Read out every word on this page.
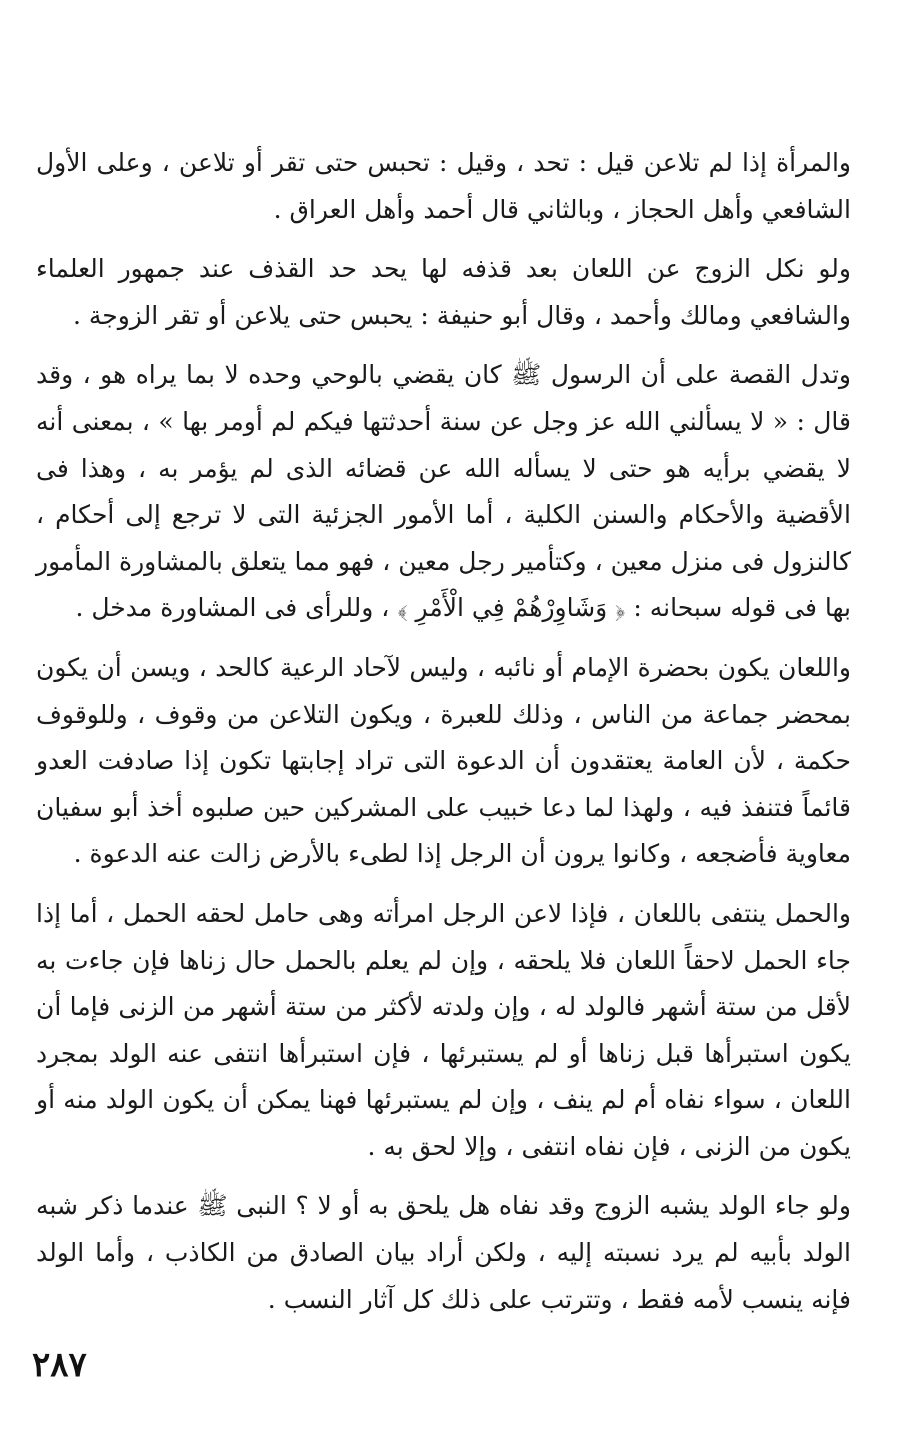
والمرأة إذا لم تلاعن قيل : تحد ، وقيل : تحبس حتى تقر أو تلاعن ، وعلى الأول الشافعي وأهل الحجاز ، وبالثاني قال أحمد وأهل العراق .

ولو نكل الزوج عن اللعان بعد قذفه لها يحد حد القذف عند جمهور العلماء والشافعي ومالك وأحمد ، وقال أبو حنيفة : يحبس حتى يلاعن أو تقر الزوجة .

وتدل القصة على أن الرسول ﷺ كان يقضي بالوحي وحده لا بما يراه هو ، وقد قال : « لا يسألني الله عز وجل عن سنة أحدثتها فيكم لم أومر بها » ، بمعنى أنه لا يقضي برأيه هو حتى لا يسأله الله عن قضائه الذى لم يؤمر به ، وهذا فى الأقضية والأحكام والسنن الكلية ، أما الأمور الجزئية التى لا ترجع إلى أحكام ، كالنزول فى منزل معين ، وكتأمير رجل معين ، فهو مما يتعلق بالمشاورة المأمور بها فى قوله سبحانه : ﴿ وَشَاوِرْهُمْ فِي الْأَمْرِ ﴾ ، وللرأى فى المشاورة مدخل .

واللعان يكون بحضرة الإمام أو نائبه ، وليس لآحاد الرعية كالحد ، ويسن أن يكون بمحضر جماعة من الناس ، وذلك للعبرة ، ويكون التلاعن من وقوف ، وللوقوف حكمة ، لأن العامة يعتقدون أن الدعوة التى تراد إجابتها تكون إذا صادفت العدو قائماً فتنفذ فيه ، ولهذا لما دعا خبيب على المشركين حين صلبوه أخذ أبو سفيان معاوية فأضجعه ، وكانوا يرون أن الرجل إذا لطىء بالأرض زالت عنه الدعوة .

والحمل ينتفى باللعان ، فإذا لاعن الرجل امرأته وهى حامل لحقه الحمل ، أما إذا جاء الحمل لاحقاً اللعان فلا يلحقه ، وإن لم يعلم بالحمل حال زناها فإن جاءت به لأقل من ستة أشهر فالولد له ، وإن ولدته لأكثر من ستة أشهر من الزنى فإما أن يكون استبرأها قبل زناها أو لم يستبرئها ، فإن استبرأها انتفى عنه الولد بمجرد اللعان ، سواء نفاه أم لم ينف ، وإن لم يستبرئها فهنا يمكن أن يكون الولد منه أو يكون من الزنى ، فإن نفاه انتفى ، وإلا لحق به .

ولو جاء الولد يشبه الزوج وقد نفاه هل يلحق به أو لا ؟ النبى ﷺ عندما ذكر شبه الولد بأبيه لم يرد نسبته إليه ، ولكن أراد بيان الصادق من الكاذب ، وأما الولد فإنه ينسب لأمه فقط ، وتترتب على ذلك كل آثار النسب .

٢٨٧
